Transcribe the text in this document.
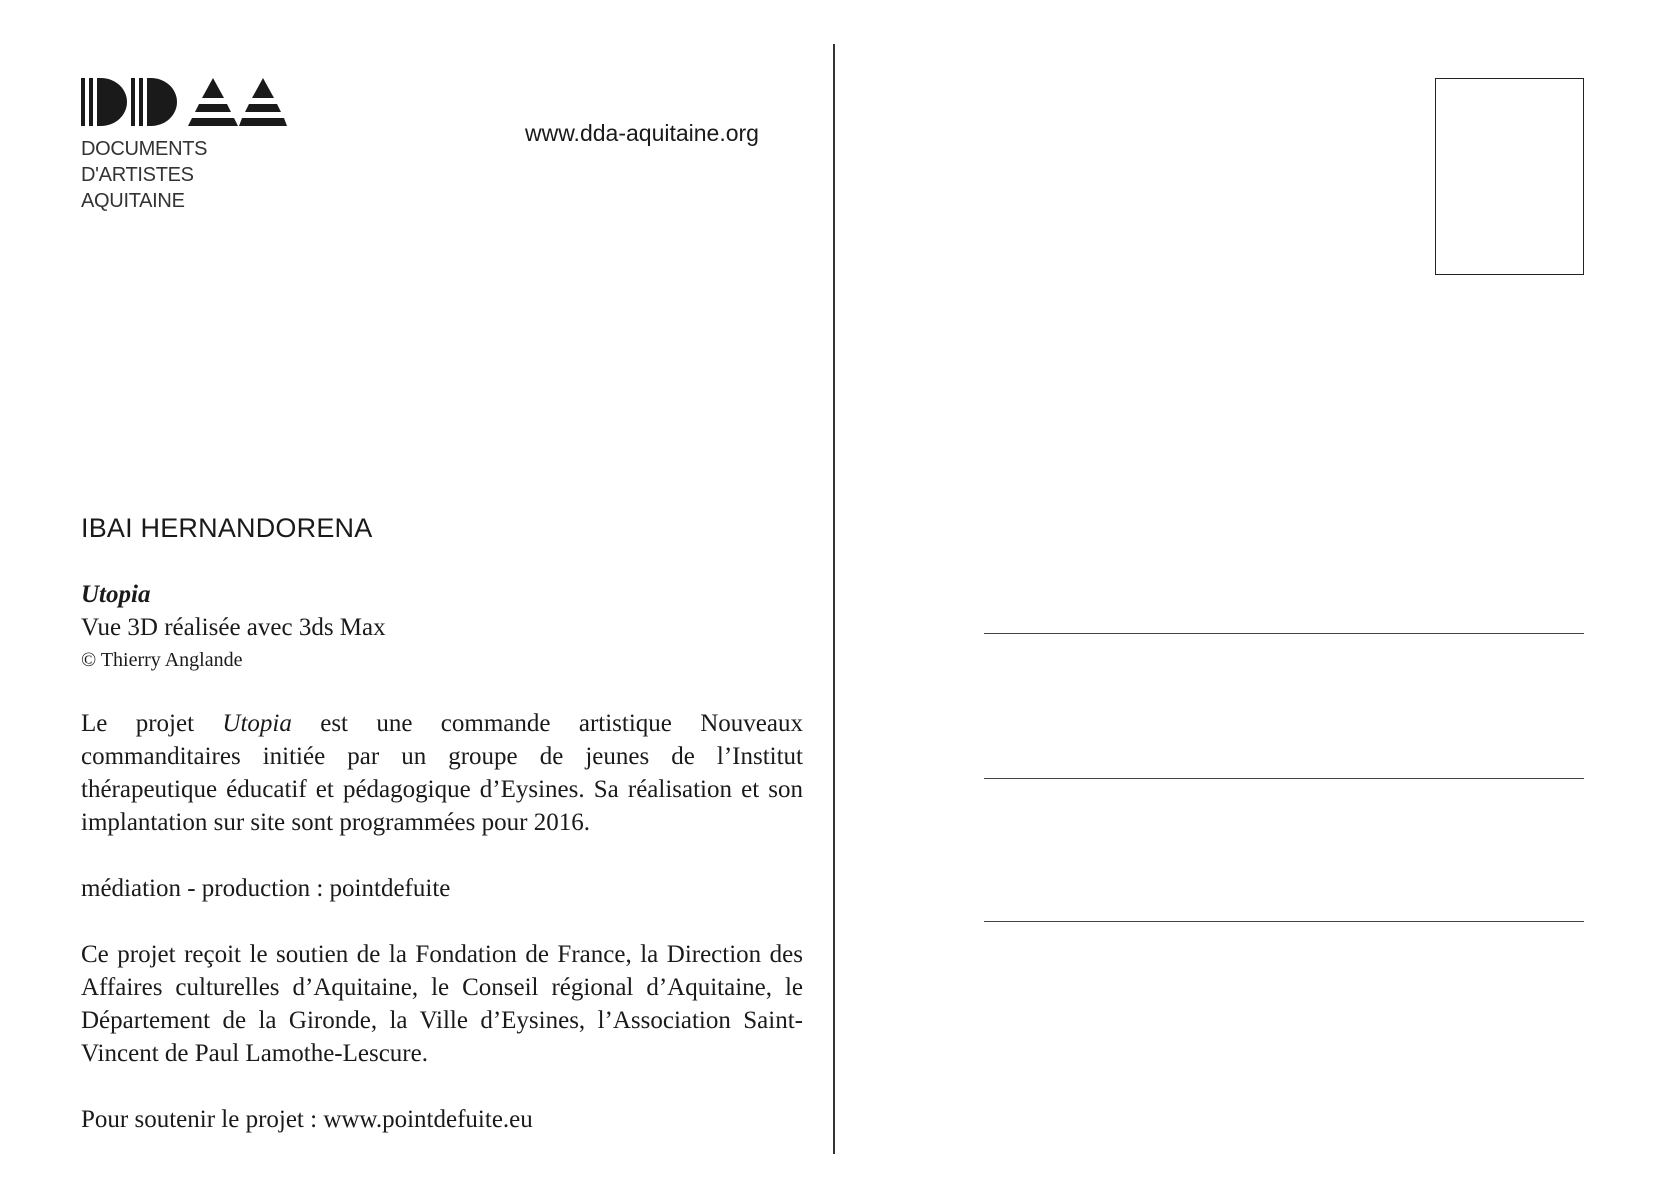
DOCUMENTS D'ARTISTES
AQUITAINE
www.dda-aquitaine.org
IBAI HERNANDORENA
Utopia
Vue 3D réalisée avec 3ds Max
© Thierry Anglande

Le projet Utopia est une commande artistique Nouveaux commanditaires initiée par un groupe de jeunes de l’Institut thérapeutique éducatif et pédagogique d’Eysines. Sa réalisation et son implantation sur site sont programmées pour 2016.

médiation - production : pointdefuite

Ce projet reçoit le soutien de la Fondation de France, la Direction des Affaires culturelles d’Aquitaine, le Conseil régional d’Aquitaine, le Département de la Gironde, la Ville d’Eysines, l’Association Saint-Vincent de Paul Lamothe-Lescure.

Pour soutenir le projet : www.pointdefuite.eu
